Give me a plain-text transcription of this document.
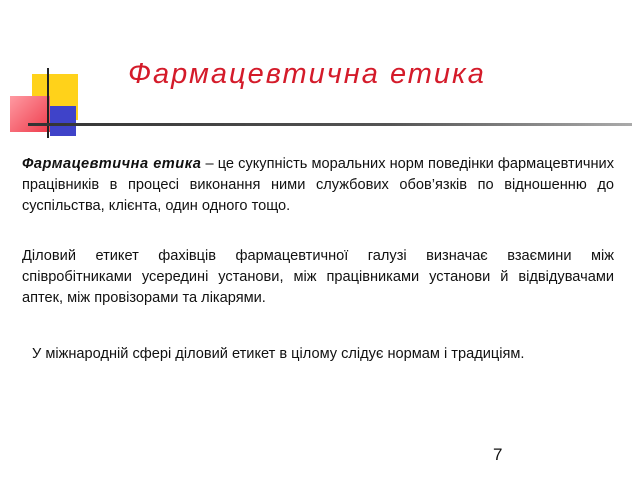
Фармацевтична етика

Фармацевтична етика – це сукупність моральних норм поведінки фармацевтичних працівників в процесі виконання ними службових обов’язків по відношенню до суспільства, клієнта, один одного тощо.

Діловий етикет фахівців фармацевтичної галузі визначає взаємини між співробітниками усередині установи, між працівниками установи й відвідувачами аптек, між провізорами та лікарями.

У міжнародній сфері діловий етикет в цілому слідує нормам і традиціям.

7
